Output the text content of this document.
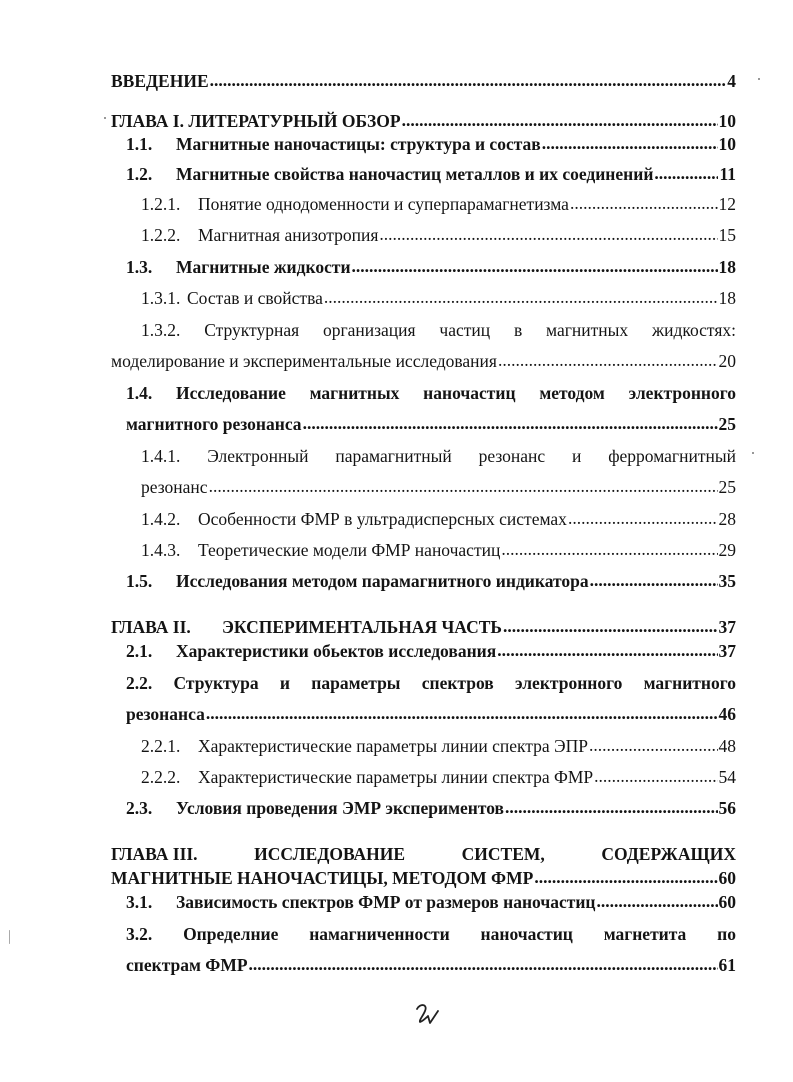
ВВЕДЕНИЕ .....	4
ГЛАВА I. ЛИТЕРАТУРНЫЙ ОБЗОР .....	10
1.1.	Магнитные наночастицы: структура и состав .....	10
1.2.	Магнитные свойства наночастиц металлов и их соединений .....	11
1.2.1.	Понятие однодоменности и суперпарамагнетизма .....	12
1.2.2.	Магнитная анизотропия .....	15
1.3.	Магнитные жидкости .....	18
1.3.1. Состав и свойства .....	18
1.3.2. Структурная организация частиц в магнитных жидкостях:
моделирование и экспериментальные исследования .....	20
1.4. Исследование магнитных наночастиц методом электронного
магнитного резонанса .....	25
1.4.1. Электронный парамагнитный резонанс и ферромагнитный
резонанс .....	25
1.4.2.	Особенности ФМР в ультрадисперсных системах .....	28
1.4.3.	Теоретические модели ФМР наночастиц .....	29
1.5.	Исследования методом парамагнитного индикатора .....	35
ГЛАВА II.	ЭКСПЕРИМЕНТАЛЬНАЯ ЧАСТЬ .....	37
2.1.	Характеристики обьектов исследования .....	37
2.2. Структура и параметры спектров электронного магнитного
резонанса .....	46
2.2.1.	Характеристические параметры линии спектра ЭПР .....	48
2.2.2.	Характеристические параметры линии спектра ФМР .....	54
2.3.	Условия проведения ЭМР экспериментов .....	56
ГЛАВА III.	ИССЛЕДОВАНИЕ	СИСТЕМ,	СОДЕРЖАЩИХ
МАГНИТНЫЕ НАНОЧАСТИЦЫ, МЕТОДОМ ФМР .....	60
3.1.	Зависимость спектров ФМР от размеров наночастиц .....	60
3.2. Определние намагниченности наночастиц магнетита по
спектрам ФМР .....	61
